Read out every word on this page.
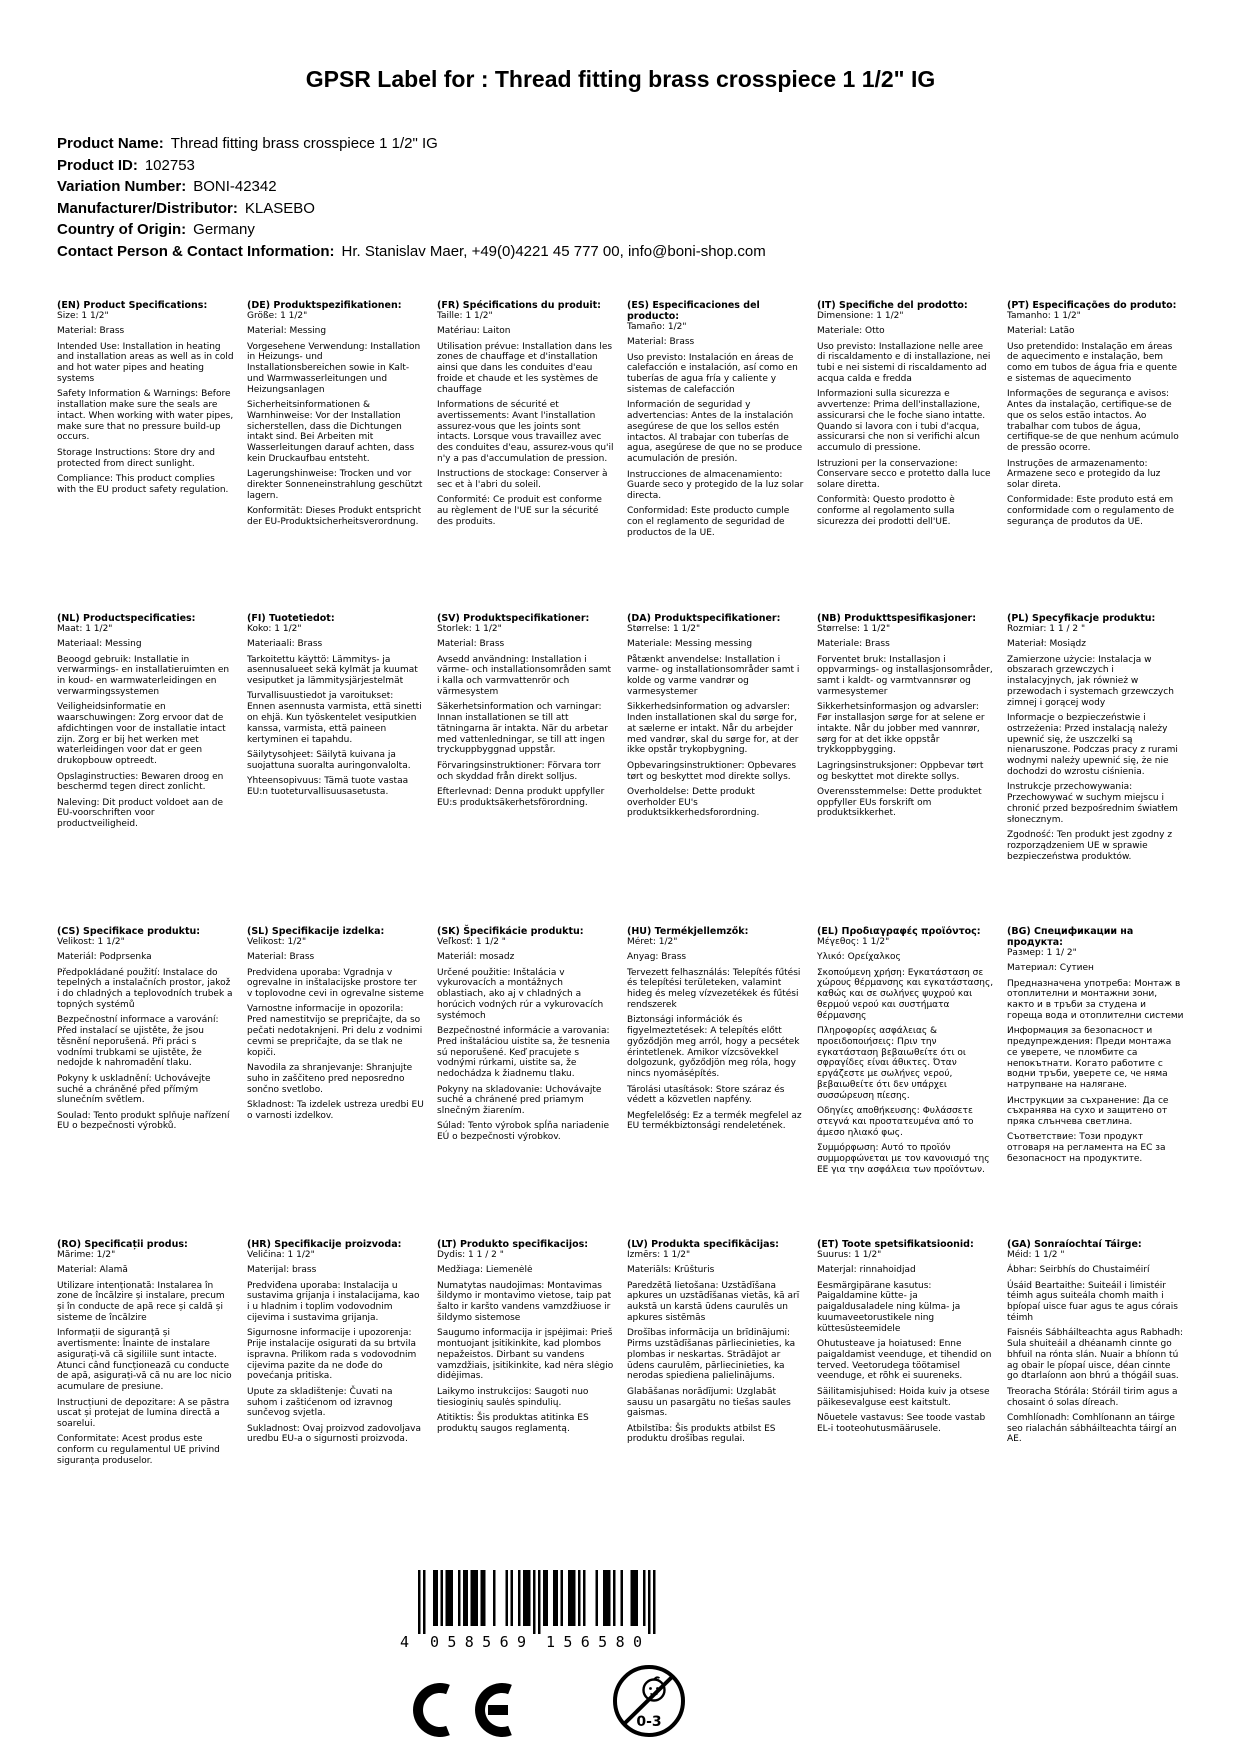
GPSR Label for : Thread fitting brass crosspiece 1 1/2" IG
Product Name: Thread fitting brass crosspiece 1 1/2" IG
Product ID: 102753
Variation Number: BONI-42342
Manufacturer/Distributor: KLASEBO
Country of Origin: Germany
Contact Person & Contact Information: Hr. Stanislav Maer, +49(0)4221 45 777 00, info@boni-shop.com
(EN) Product Specifications:

Size: 1 1/2"

Material: Brass

Intended Use: Installation in heating and installation areas as well as in cold and hot water pipes and heating systems

Safety Information & Warnings: Before installation make sure the seals are intact. When working with water pipes, make sure that no pressure build-up occurs.

Storage Instructions: Store dry and protected from direct sunlight.

Compliance: This product complies with the EU product safety regulation.

(DE) Produktspezifikationen:

Größe: 1 1/2"

Material: Messing

Vorgesehene Verwendung: Installation in Heizungs- und Installationsbereichen sowie in Kalt- und Warmwasserleitungen und Heizungsanlagen

Sicherheitsinformationen & Warnhinweise: Vor der Installation sicherstellen, dass die Dichtungen intakt sind. Bei Arbeiten mit Wasserleitungen darauf achten, dass kein Druckaufbau entsteht.

Lagerungshinweise: Trocken und vor direkter Sonneneinstrahlung geschützt lagern.

Konformität: Dieses Produkt entspricht der EU-Produktsicherheitsverordnung.

(FR) Spécifications du produit:

Taille: 1 1/2"

Matériau: Laiton

Utilisation prévue: Installation dans les zones de chauffage et d'installation ainsi que dans les conduites d'eau froide et chaude et les systèmes de chauffage

Informations de sécurité et avertissements: Avant l'installation assurez-vous que les joints sont intacts. Lorsque vous travaillez avec des conduites d'eau, assurez-vous qu'il n'y a pas d'accumulation de pression.

Instructions de stockage: Conserver à sec et à l'abri du soleil.

Conformité: Ce produit est conforme au règlement de l'UE sur la sécurité des produits.

(ES) Especificaciones del producto:

Tamaño: 1/2"

Material: Brass

Uso previsto: Instalación en áreas de calefacción e instalación, así como en tuberías de agua fría y caliente y sistemas de calefacción

Información de seguridad y advertencias: Antes de la instalación asegúrese de que los sellos estén intactos. Al trabajar con tuberías de agua, asegúrese de que no se produce acumulación de presión.

Instrucciones de almacenamiento: Guarde seco y protegido de la luz solar directa.

Conformidad: Este producto cumple con el reglamento de seguridad de productos de la UE.

(IT) Specifiche del prodotto:

Dimensione: 1 1/2"

Materiale: Otto

Uso previsto: Installazione nelle aree di riscaldamento e di installazione, nei tubi e nei sistemi di riscaldamento ad acqua calda e fredda

Informazioni sulla sicurezza e avvertenze: Prima dell'installazione, assicurarsi che le foche siano intatte. Quando si lavora con i tubi d'acqua, assicurarsi che non si verifichi alcun accumulo di pressione.

Istruzioni per la conservazione: Conservare secco e protetto dalla luce solare diretta.

Conformità: Questo prodotto è conforme al regolamento sulla sicurezza dei prodotti dell'UE.

(PT) Especificações do produto:

Tamanho: 1 1/2"

Material: Latão

Uso pretendido: Instalação em áreas de aquecimento e instalação, bem como em tubos de água fria e quente e sistemas de aquecimento

Informações de segurança e avisos: Antes da instalação, certifique-se de que os selos estão intactos. Ao trabalhar com tubos de água, certifique-se de que nenhum acúmulo de pressão ocorre.

Instruções de armazenamento: Armazene seco e protegido da luz solar direta.

Conformidade: Este produto está em conformidade com o regulamento de segurança de produtos da UE.

(NL) Productspecificaties:

Maat: 1 1/2"

Materiaal: Messing

Beoogd gebruik: Installatie in verwarmings- en installatieruimten en in koud- en warmwaterleidingen en verwarmingssystemen

Veiligheidsinformatie en waarschuwingen: Zorg ervoor dat de afdichtingen voor de installatie intact zijn. Zorg er bij het werken met waterleidingen voor dat er geen drukopbouw optreedt.

Opslaginstructies: Bewaren droog en beschermd tegen direct zonlicht.

Naleving: Dit product voldoet aan de EU-voorschriften voor productveiligheid.

(FI) Tuotetiedot:

Koko: 1 1/2"

Materiaali: Brass

Tarkoitettu käyttö: Lämmitys- ja asennusalueet sekä kylmät ja kuumat vesiputket ja lämmitysjärjestelmät

Turvallisuustiedot ja varoitukset: Ennen asennusta varmista, että sinetti on ehjä. Kun työskentelet vesiputkien kanssa, varmista, että paineen kertyminen ei tapahdu.

Säilytysohjeet: Säilytä kuivana ja suojattuna suoralta auringonvalolta.

Yhteensopivuus: Tämä tuote vastaa EU:n tuoteturvallisuusasetusta.

(SV) Produktspecifikationer:

Storlek: 1 1/2"

Material: Brass

Avsedd användning: Installation i värme- och installationsområden samt i kalla och varmvattenrör och värmesystem

Säkerhetsinformation och varningar: Innan installationen se till att tätningarna är intakta. När du arbetar med vattenledningar, se till att ingen tryckuppbyggnad uppstår.

Förvaringsinstruktioner: Förvara torr och skyddad från direkt solljus.

Efterlevnad: Denna produkt uppfyller EU:s produktsäkerhetsförordning.

(DA) Produktspecifikationer:

Størrelse: 1 1/2"

Materiale: Messing messing

Påtænkt anvendelse: Installation i varme- og installationsområder samt i kolde og varme vandrør og varmesystemer

Sikkerhedsinformation og advarsler: Inden installationen skal du sørge for, at sælerne er intakt. Når du arbejder med vandrør, skal du sørge for, at der ikke opstår trykopbygning.

Opbevaringsinstruktioner: Opbevares tørt og beskyttet mod direkte sollys.

Overholdelse: Dette produkt overholder EU's produktsikkerhedsforordning.

(NB) Produkttspesifikasjoner:

Størrelse: 1 1/2"

Materiale: Brass

Forventet bruk: Installasjon i oppvarmings- og installasjonsområder, samt i kaldt- og varmtvannsrør og varmesystemer

Sikkerhetsinformasjon og advarsler: Før installasjon sørge for at selene er intakte. Når du jobber med vannrør, sørg for at det ikke oppstår trykkoppbygging.

Lagringsinstruksjoner: Oppbevar tørt og beskyttet mot direkte sollys.

Overensstemmelse: Dette produktet oppfyller EUs forskrift om produktsikkerhet.

(PL) Specyfikacje produktu:

Rozmiar: 1 1 / 2 "

Materiał: Mosiądz

Zamierzone użycie: Instalacja w obszarach grzewczych i instalacyjnych, jak również w przewodach i systemach grzewczych zimnej i gorącej wody

Informacje o bezpieczeństwie i ostrzeżenia: Przed instalacją należy upewnić się, że uszczelki są nienaruszone. Podczas pracy z rurami wodnymi należy upewnić się, że nie dochodzi do wzrostu ciśnienia.

Instrukcje przechowywania: Przechowywać w suchym miejscu i chronić przed bezpośrednim światłem słonecznym.

Zgodność: Ten produkt jest zgodny z rozporządzeniem UE w sprawie bezpieczeństwa produktów.

(CS) Specifikace produktu:

Velikost: 1 1/2"

Materiál: Podprsenka

Předpokládané použití: Instalace do tepelných a instalačních prostor, jakož i do chladných a teplovodních trubek a topných systémů

Bezpečnostní informace a varování: Před instalací se ujistěte, že jsou těsnění neporušená. Při práci s vodními trubkami se ujistěte, že nedojde k nahromadění tlaku.

Pokyny k uskladnění: Uchovávejte suché a chráněné před přímým slunečním světlem.

Soulad: Tento produkt splňuje nařízení EU o bezpečnosti výrobků.

(SL) Specifikacije izdelka:

Velikost: 1/2"

Material: Brass

Predvidena uporaba: Vgradnja v ogrevalne in inštalacijske prostore ter v toplovodne cevi in ogrevalne sisteme

Varnostne informacije in opozorila: Pred namestitvijo se prepričajte, da so pečati nedotaknjeni. Pri delu z vodnimi cevmi se prepričajte, da se tlak ne kopiči.

Navodila za shranjevanje: Shranjujte suho in zaščiteno pred neposredno sončno svetlobo.

Skladnost: Ta izdelek ustreza uredbi EU o varnosti izdelkov.

(SK) Špecifikácie produktu:

Veľkosť: 1 1/2 "

Materiál: mosadz

Určené použitie: Inštalácia v vykurovacích a montážnych oblastiach, ako aj v chladných a horúcich vodných rúr a vykurovacích systémoch

Bezpečnostné informácie a varovania: Pred inštaláciou uistite sa, že tesnenia sú neporušené. Keď pracujete s vodnými rúrkami, uistite sa, že nedochádza k žiadnemu tlaku.

Pokyny na skladovanie: Uchovávajte suché a chránené pred priamym slnečným žiarením.

Súlad: Tento výrobok spĺňa nariadenie EÚ o bezpečnosti výrobkov.

(HU) Termékjellemzők:

Méret: 1/2"

Anyag: Brass

Tervezett felhasználás: Telepítés fűtési és telepítési területeken, valamint hideg és meleg vízvezetékek és fűtési rendszerek

Biztonsági információk és figyelmeztetések: A telepítés előtt győződjön meg arról, hogy a pecsétek érintetlenek. Amikor vízcsövekkel dolgozunk, győződjön meg róla, hogy nincs nyomásépítés.

Tárolási utasítások: Store száraz és védett a közvetlen napfény.

Megfelelőség: Ez a termék megfelel az EU termékbiztonsági rendeletének.

(EL) Προδιαγραφές προϊόντος:

Μέγεθος: 1 1/2"

Υλικό: Ορείχαλκος

Σκοπούμενη χρήση: Εγκατάσταση σε χώρους θέρμανσης και εγκατάστασης, καθώς και σε σωλήνες ψυχρού και θερμού νερού και συστήματα θέρμανσης

Πληροφορίες ασφάλειας & προειδοποιήσεις: Πριν την εγκατάσταση βεβαιωθείτε ότι οι σφραγίδες είναι άθικτες. Όταν εργάζεστε με σωλήνες νερού, βεβαιωθείτε ότι δεν υπάρχει συσσώρευση πίεσης.

Οδηγίες αποθήκευσης: Φυλάσσετε στεγνά και προστατευμένα από το άμεσο ηλιακό φως.

Συμμόρφωση: Αυτό το προϊόν συμμορφώνεται με τον κανονισμό της ΕΕ για την ασφάλεια των προϊόντων.

(BG) Спецификации на продукта:

Размер: 1 1/ 2"

Материал: Сутиен

Предназначена употреба: Монтаж в отоплителни и монтажни зони, както и в тръби за студена и гореща вода и отоплителни системи

Информация за безопасност и предупреждения: Преди монтажа се уверете, че пломбите са непокътнати. Когато работите с водни тръби, уверете се, че няма натрупване на налягане.

Инструкции за съхранение: Да се съхранява на сухо и защитено от пряка слънчева светлина.

Съответствие: Този продукт отговаря на регламента на ЕС за безопасност на продуктите.

(RO) Specificații produs:

Mărime: 1/2"

Material: Alamă

Utilizare intenționată: Instalarea în zone de încălzire și instalare, precum și în conducte de apă rece și caldă și sisteme de încălzire

Informații de siguranță și avertismente: Înainte de instalare asigurați-vă că sigiliile sunt intacte. Atunci când funcționează cu conducte de apă, asigurați-vă că nu are loc nicio acumulare de presiune.

Instrucțiuni de depozitare: A se păstra uscat și protejat de lumina directă a soarelui.

Conformitate: Acest produs este conform cu regulamentul UE privind siguranța produselor.

(HR) Specifikacije proizvoda:

Veličina: 1 1/2"

Materijal: brass

Predviđena uporaba: Instalacija u sustavima grijanja i instalacijama, kao i u hladnim i toplim vodovodnim cijevima i sustavima grijanja.

Sigurnosne informacije i upozorenja: Prije instalacije osigurati da su brtvila ispravna. Prilikom rada s vodovodnim cijevima pazite da ne dođe do povećanja pritiska.

Upute za skladištenje: Čuvati na suhom i zaštićenom od izravnog sunčevog svjetla.

Sukladnost: Ovaj proizvod zadovoljava uredbu EU-a o sigurnosti proizvoda.

(LT) Produkto specifikacijos:

Dydis: 1 1 / 2 "

Medžiaga: Liemenėlė

Numatytas naudojimas: Montavimas šildymo ir montavimo vietose, taip pat šalto ir karšto vandens vamzdžiuose ir šildymo sistemose

Saugumo informacija ir įspėjimai: Prieš montuojant įsitikinkite, kad plombos nepažeistos. Dirbant su vandens vamzdžiais, įsitikinkite, kad nėra slėgio didėjimas.

Laikymo instrukcijos: Saugoti nuo tiesioginių saulės spindulių.

Atitiktis: Šis produktas atitinka ES produktų saugos reglamentą.

(LV) Produkta specifikācijas:

Izmērs: 1 1/2"

Materiāls: Krūšturis

Paredzētā lietošana: Uzstādīšana apkures un uzstādīšanas vietās, kā arī aukstā un karstā ūdens caurulēs un apkures sistēmās

Drošības informācija un brīdinājumi: Pirms uzstādīšanas pārliecinieties, ka plombas ir neskartas. Strādājot ar ūdens caurulēm, pārliecinieties, ka nerodas spiediena palielinājums.

Glabāšanas norādījumi: Uzglabāt sausu un pasargātu no tiešas saules gaismas.

Atbilstība: Šis produkts atbilst ES produktu drošības regulai.

(ET) Toote spetsifikatsioonid:

Suurus: 1 1/2"

Materjal: rinnahoidjad

Eesmärgipärane kasutus: Paigaldamine kütte- ja paigaldusaladele ning külma- ja kuumaveetorustikele ning küttesüsteemidele

Ohutusteave ja hoiatused: Enne paigaldamist veenduge, et tihendid on terved. Veetorudega töötamisel veenduge, et rõhk ei suureneks.

Säilitamisjuhised: Hoida kuiv ja otsese päikesevalguse eest kaitstult.

Nõuetele vastavus: See toode vastab EL-i tooteohutusmäärusele.

(GA) Sonraíochtaí Táirge:

Méid: 1 1/2 "

Ábhar: Seirbhís do Chustaiméirí

Úsáid Beartaithe: Suiteáil i limistéir téimh agus suiteála chomh maith i bpíopaí uisce fuar agus te agus córais téimh

Faisnéis Sábháilteachta agus Rabhadh: Sula shuiteáil a dhéanamh cinnte go bhfuil na rónta slán. Nuair a bhíonn tú ag obair le píopaí uisce, déan cinnte go dtarlaíonn aon bhrú a thógáil suas.

Treoracha Stórála: Stóráil tirim agus a chosaint ó solas díreach.

Comhlíonadh: Comhlíonann an táirge seo rialachán sábháilteachta táirgí an AE.

4 058569 156580
0-3
